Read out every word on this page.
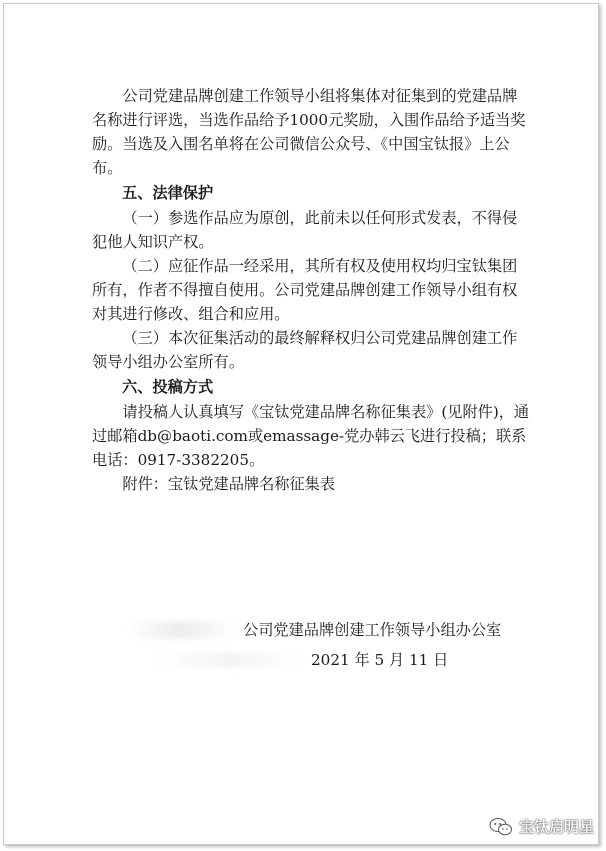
公司党建品牌创建工作领导小组将集体对征集到的党建品牌名称进行评选，当选作品给予1000元奖励，入围作品给予适当奖励。当选及入围名单将在公司微信公众号、《中国宝钛报》上公布。

五、法律保护

（一）参选作品应为原创，此前未以任何形式发表，不得侵犯他人知识产权。

（二）应征作品一经采用，其所有权及使用权均归宝钛集团所有，作者不得擅自使用。公司党建品牌创建工作领导小组有权对其进行修改、组合和应用。

（三）本次征集活动的最终解释权归公司党建品牌创建工作领导小组办公室所有。

六、投稿方式

请投稿人认真填写《宝钛党建品牌名称征集表》(见附件)，通过邮箱db@baoti.com或emassage-党办韩云飞进行投稿；联系电话：0917-3382205。

附件：宝钛党建品牌名称征集表

公司党建品牌创建工作领导小组办公室
2021 年 5 月 11 日
宝钛启明星
